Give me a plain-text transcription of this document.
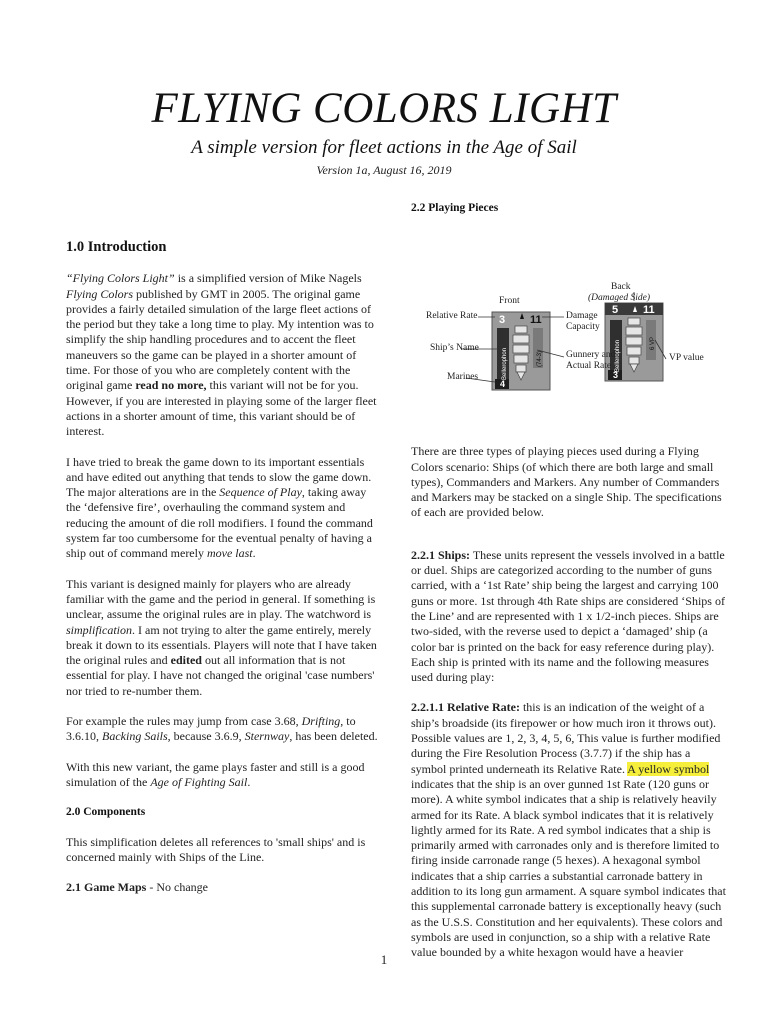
FLYING COLORS LIGHT
A simple version for fleet actions in the Age of Sail
Version 1a, August 16, 2019
1.0 Introduction

“Flying Colors Light” is a simplified version of Mike Nagels Flying Colors published by GMT in 2005. The original game provides a fairly detailed simulation of the large fleet actions of the period but they take a long time to play. My intention was to simplify the ship handling procedures and to accent the fleet maneuvers so the game can be played in a shorter amount of time. For those of you who are completely content with the original game read no more, this variant will not be for you. However, if you are interested in playing some of the larger fleet actions in a shorter amount of time, this variant should be of interest.

I have tried to break the game down to its important essentials and have edited out anything that tends to slow the game down. The major alterations are in the Sequence of Play, taking away the ‘defensive fire’, overhauling the command system and reducing the amount of die roll modifiers. I found the command system far too cumbersome for the eventual penalty of having a ship out of command merely move last.

This variant is designed mainly for players who are already familiar with the game and the period in general. If something is unclear, assume the original rules are in play. The watchword is simplification. I am not trying to alter the game entirely, merely break it down to its essentials. Players will note that I have taken the original rules and edited out all information that is not essential for play. I have not changed the original 'case numbers' nor tried to re-number them.

For example the rules may jump from case 3.68, Drifting, to 3.6.10, Backing Sails, because 3.6.9, Sternway, has been deleted.

With this new variant, the game plays faster and still is a good simulation of the Age of Fighting Sail.

2.0 Components

This simplification deletes all references to 'small ships' and is concerned mainly with Ships of the Line.

2.1 Game Maps - No change

2.2 Playing Pieces
3 11
4
Bellerophon	(74-3)
5 11
3
Bellerophon	6 VP
Front
Back
(Damaged Side)
Relative Rate
Ship’s Name
Marines
Damage
Capacity
Gunnery and
Actual Rate
VP value

There are three types of playing pieces used during a Flying Colors scenario: Ships (of which there are both large and small types), Commanders and Markers. Any number of Commanders and Markers may be stacked on a single Ship. The specifications of each are provided below.

2.2.1 Ships: These units represent the vessels involved in a battle or duel. Ships are categorized according to the number of guns carried, with a ‘1st Rate’ ship being the largest and carrying 100 guns or more. 1st through 4th Rate ships are considered ‘Ships of the Line’ and are represented with 1 x 1/2-inch pieces. Ships are two-sided, with the reverse used to depict a ‘damaged’ ship (a color bar is printed on the back for easy reference during play). Each ship is printed with its name and the following measures used during play:

2.2.1.1 Relative Rate: this is an indication of the weight of a ship’s broadside (its firepower or how much iron it throws out). Possible values are 1, 2, 3, 4, 5, 6, This value is further modified during the Fire Resolution Process (3.7.7) if the ship has a symbol printed underneath its Relative Rate. A yellow symbol indicates that the ship is an over gunned 1st Rate (120 guns or more). A white symbol indicates that a ship is relatively heavily armed for its Rate. A black symbol indicates that it is relatively lightly armed for its Rate. A red symbol indicates that a ship is primarily armed with carronades only and is therefore limited to firing inside carronade range (5 hexes). A hexagonal symbol indicates that a ship carries a substantial carronade battery in addition to its long gun armament. A square symbol indicates that this supplemental carronade battery is exceptionally heavy (such as the U.S.S. Constitution and her equivalents). These colors and symbols are used in conjunction, so a ship with a relative Rate value bounded by a white hexagon would have a heavier

1
